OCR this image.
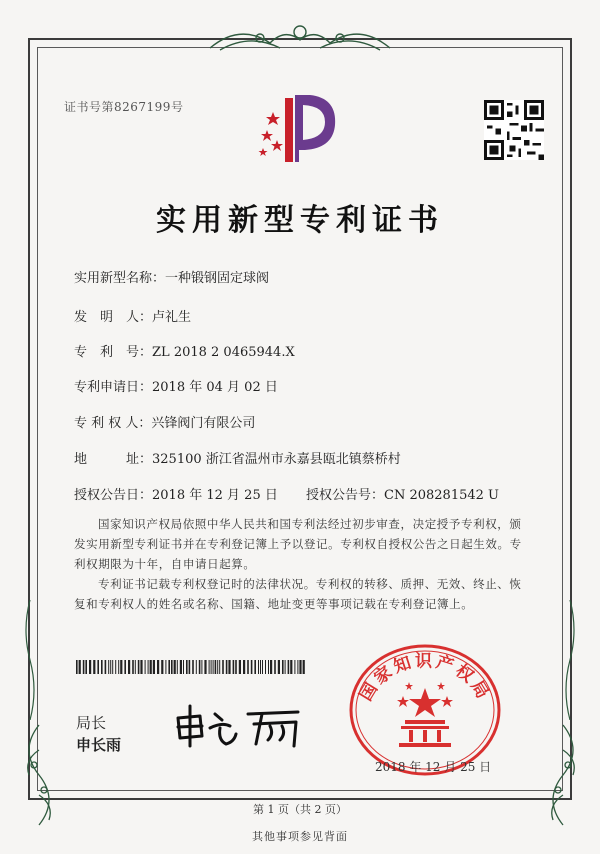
证书号第8267199号
实用新型专利证书
实用新型名称：一种锻钢固定球阀
发　明　人：卢礼生
专　利　号：ZL 2018 2 0465944.X
专利申请日：2018 年 04 月 02 日
专 利 权 人：兴锋阀门有限公司
地　　　址：325100 浙江省温州市永嘉县瓯北镇蔡桥村
授权公告日：2018 年 12 月 25 日 授权公告号：CN 208281542 U
国家知识产权局依照中华人民共和国专利法经过初步审查，决定授予专利权，颁发实用新型专利证书并在专利登记簿上予以登记。专利权自授权公告之日起生效。专利权期限为十年，自申请日起算。
专利证书记载专利权登记时的法律状况。专利权的转移、质押、无效、终止、恢复和专利权人的姓名或名称、国籍、地址变更等事项记载在专利登记簿上。
局长
申长雨
国家知识产权局
2018 年 12 月 25 日
第 1 页（共 2 页）
其他事项参见背面
